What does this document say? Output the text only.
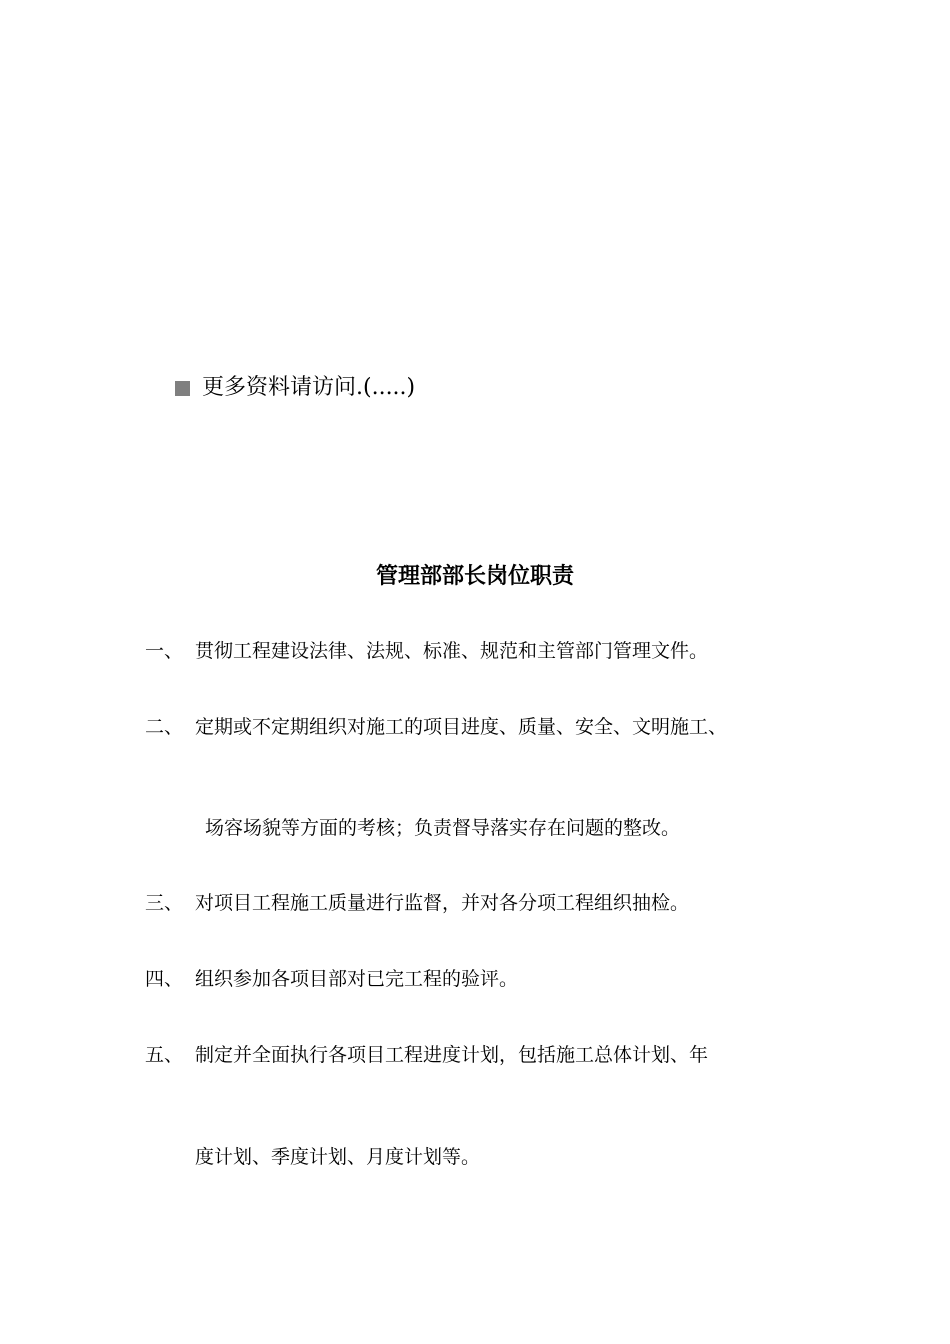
更多资料请访问.(.....)
管理部部长岗位职责
一、 贯彻工程建设法律、法规、标准、规范和主管部门管理文件。
二、 定期或不定期组织对施工的项目进度、质量、安全、文明施工、
场容场貌等方面的考核；负责督导落实存在问题的整改。
三、 对项目工程施工质量进行监督，并对各分项工程组织抽检。
四、 组织参加各项目部对已完工程的验评。
五、 制定并全面执行各项目工程进度计划，包括施工总体计划、年
度计划、季度计划、月度计划等。
